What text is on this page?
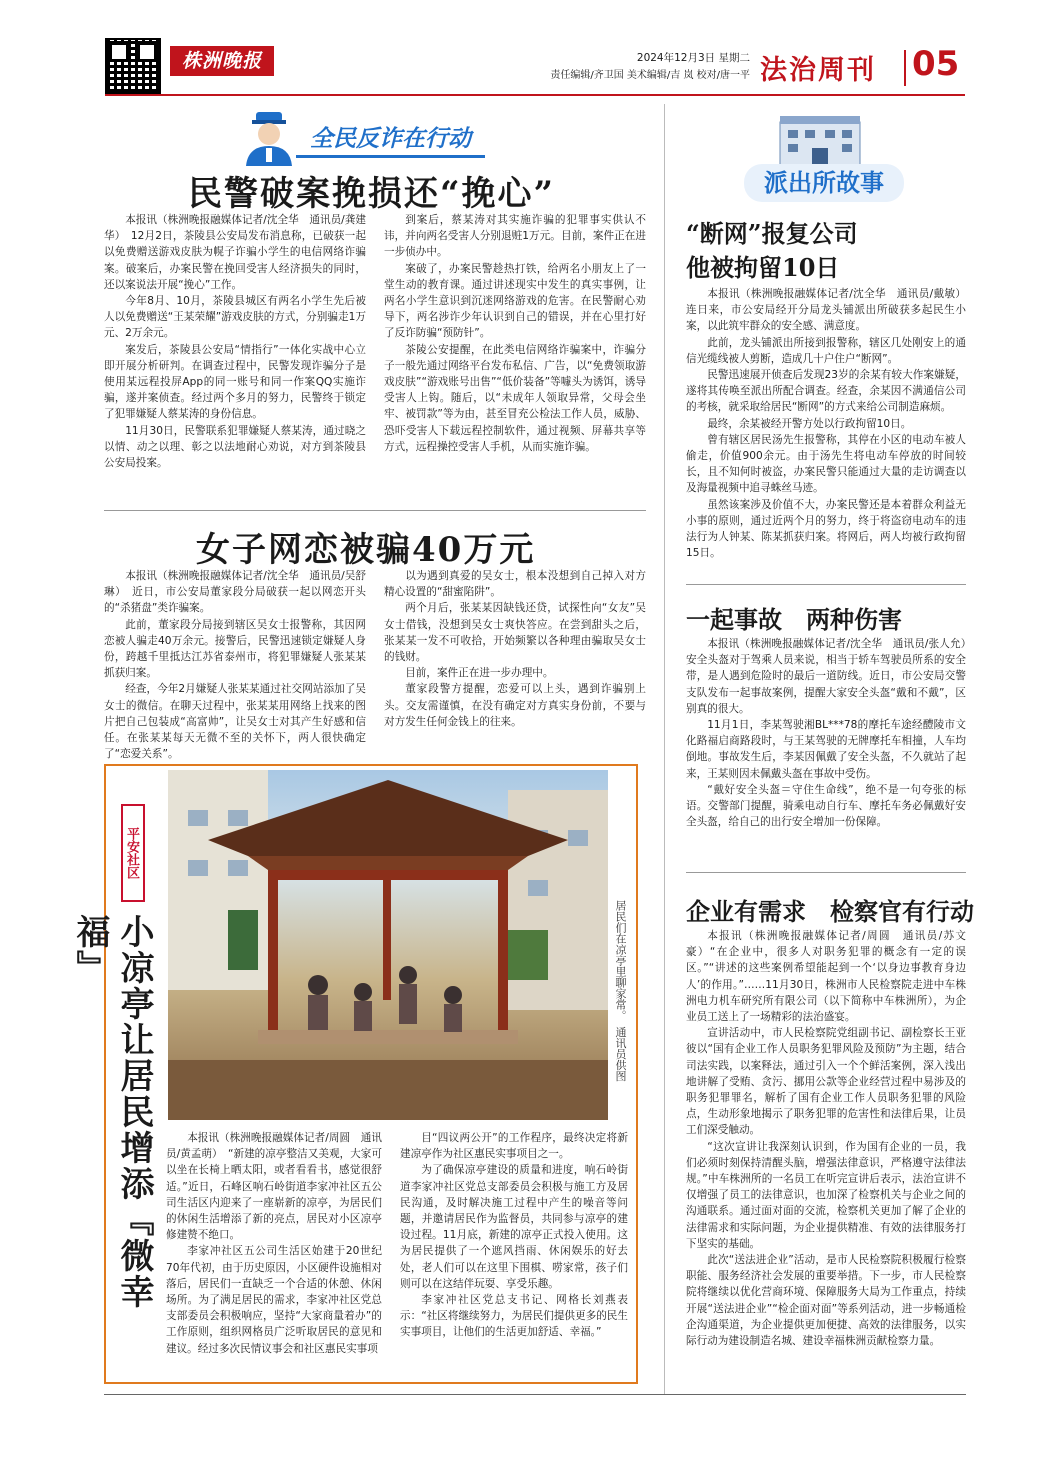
株洲晚报	2024年12月3日 星期二
责任编辑/齐卫国 美术编辑/吉 岚 校对/唐一平 法治周刊 05
全民反诈在行动
派出所故事
民警破案挽损还“挽心”

本报讯（株洲晚报融媒体记者/沈全华　通讯员/龚建华）　12月2日，茶陵县公安局发布消息称，已破获一起以免费赠送游戏皮肤为幌子诈骗小学生的电信网络诈骗案。破案后，办案民警在挽回受害人经济损失的同时，还以案说法开展“挽心”工作。

今年8月、10月，茶陵县城区有两名小学生先后被人以免费赠送“王某荣耀”游戏皮肤的方式，分别骗走1万元、2万余元。

案发后，茶陵县公安局“情指行”一体化实战中心立即开展分析研判。在调查过程中，民警发现诈骗分子是使用某远程投屏App的同一账号和同一作案QQ实施诈骗，遂并案侦查。经过两个多月的努力，民警终于锁定了犯罪嫌疑人蔡某涛的身份信息。

11月30日，民警联系犯罪嫌疑人蔡某涛，通过晓之以情、动之以理、彰之以法地耐心劝说，对方到茶陵县公安局投案。

到案后，蔡某涛对其实施诈骗的犯罪事实供认不讳，并向两名受害人分别退赃1万元。目前，案件正在进一步侦办中。

案破了，办案民警趁热打铁，给两名小朋友上了一堂生动的教育课。通过讲述现实中发生的真实事例，让两名小学生意识到沉迷网络游戏的危害。在民警耐心劝导下，两名涉诈少年认识到自己的错误，并在心里打好了反诈防骗“预防针”。

茶陵公安提醒，在此类电信网络诈骗案中，诈骗分子一般先通过网络平台发布私信、广告，以“免费领取游戏皮肤”“游戏账号出售”“低价装备”等噱头为诱饵，诱导受害人上钩。随后，以“未成年人领取异常，父母会坐牢、被罚款”等为由，甚至冒充公检法工作人员，威胁、恐吓受害人下载远程控制软件，通过视频、屏幕共享等方式，远程操控受害人手机，从而实施诈骗。

女子网恋被骗40万元

本报讯（株洲晚报融媒体记者/沈全华　通讯员/吴舒琳）　近日，市公安局董家段分局破获一起以网恋开头的“杀猪盘”类诈骗案。

此前，董家段分局接到辖区吴女士报警称，其因网恋被人骗走40万余元。接警后，民警迅速锁定嫌疑人身份，跨越千里抵达江苏省泰州市，将犯罪嫌疑人张某某抓获归案。

经查，今年2月嫌疑人张某某通过社交网站添加了吴女士的微信。在聊天过程中，张某某用网络上找来的图片把自己包装成“高富帅”，让吴女士对其产生好感和信任。在张某某每天无微不至的关怀下，两人很快确定了“恋爱关系”。

以为遇到真爱的吴女士，根本没想到自己掉入对方精心设置的“甜蜜陷阱”。

两个月后，张某某因缺钱还贷，试探性向“女友”吴女士借钱，没想到吴女士爽快答应。在尝到甜头之后，张某某一发不可收拾，开始频繁以各种理由骗取吴女士的钱财。

目前，案件正在进一步办理中。

董家段警方提醒，恋爱可以上头，遇到诈骗别上头。交友需谨慎，在没有确定对方真实身份前，不要与对方发生任何金钱上的往来。

平安社区
小凉亭让居民增添『微幸福』	居民们在凉亭里聊家常。　通讯员供图

本报讯（株洲晚报融媒体记者/周圆　通讯员/黄孟萌）　“新建的凉亭整洁又美观，大家可以坐在长椅上晒太阳，或者看看书，感觉很舒适。”近日，石峰区响石岭街道李家冲社区五公司生活区内迎来了一座崭新的凉亭，为居民们的休闲生活增添了新的亮点，居民对小区凉亭修建赞不绝口。

李家冲社区五公司生活区始建于20世纪70年代初，由于历史原因，小区硬件设施相对落后，居民们一直缺乏一个合适的休憩、休闲场所。为了满足居民的需求，李家冲社区党总支部委员会积极响应，坚持“大家商量着办”的工作原则，组织网格员广泛听取居民的意见和建议。经过多次民情议事会和社区惠民实事项

目“四议两公开”的工作程序，最终决定将新建凉亭作为社区惠民实事项目之一。

为了确保凉亭建设的质量和进度，响石岭街道李家冲社区党总支部委员会积极与施工方及居民沟通，及时解决施工过程中产生的噪音等问题，并邀请居民作为监督员，共同参与凉亭的建设过程。11月底，新建的凉亭正式投入使用。这为居民提供了一个遮风挡雨、休闲娱乐的好去处，老人们可以在这里下围棋、唠家常，孩子们则可以在这结伴玩耍、享受乐趣。

李家冲社区党总支书记、网格长刘燕表示：“社区将继续努力，为居民们提供更多的民生实事项目，让他们的生活更加舒适、幸福。”

“断网”报复公司
他被拘留10日

本报讯（株洲晚报融媒体记者/沈全华　通讯员/戴敏）连日来，市公安局经开分局龙头铺派出所破获多起民生小案，以此筑牢群众的安全感、满意度。

此前，龙头铺派出所接到报警称，辖区几处刚安上的通信光缆线被人剪断，造成几十户住户“断网”。

民警迅速展开侦查后发现23岁的余某有较大作案嫌疑，遂将其传唤至派出所配合调查。经查，余某因不满通信公司的考核，就采取给居民“断网”的方式来给公司制造麻烦。

最终，余某被经开警方处以行政拘留10日。

曾有辖区居民汤先生报警称，其停在小区的电动车被人偷走，价值900余元。由于汤先生将电动车停放的时间较长，且不知何时被盗，办案民警只能通过大量的走访调查以及海量视频中追寻蛛丝马迹。

虽然该案涉及价值不大，办案民警还是本着群众利益无小事的原则，通过近两个月的努力，终于将盗窃电动车的违法行为人钟某、陈某抓获归案。将网后，两人均被行政拘留15日。

一起事故　两种伤害

本报讯（株洲晚报融媒体记者/沈全华　通讯员/张人允）　安全头盔对于驾乘人员来说，相当于轿车驾驶员所系的安全带，是人遇到危险时的最后一道防线。近日，市公安局交警支队发布一起事故案例，提醒大家安全头盔“戴和不戴”，区别真的很大。

11月1日，李某驾驶湘BL***78的摩托车途经醴陵市文化路福启商路段时，与王某驾驶的无牌摩托车相撞，人车均倒地。事故发生后，李某因佩戴了安全头盔，不久就站了起来，王某则因未佩戴头盔在事故中受伤。

“戴好安全头盔＝守住生命线”，绝不是一句夸张的标语。交警部门提醒，骑乘电动自行车、摩托车务必佩戴好安全头盔，给自己的出行安全增加一份保障。

企业有需求　检察官有行动

本报讯（株洲晚报融媒体记者/周圆　通讯员/苏文豪）“在企业中，很多人对职务犯罪的概念有一定的误区。”“讲述的这些案例希望能起到一个‘以身边事教育身边人’的作用。”……11月30日，株洲市人民检察院走进中车株洲电力机车研究所有限公司（以下简称中车株洲所），为企业员工送上了一场精彩的法治盛宴。

宣讲活动中，市人民检察院党组副书记、副检察长王亚彼以“国有企业工作人员职务犯罪风险及预防”为主题，结合司法实践，以案释法，通过引入一个个鲜活案例，深入浅出地讲解了受贿、贪污、挪用公款等企业经营过程中易涉及的职务犯罪罪名，解析了国有企业工作人员职务犯罪的风险点，生动形象地揭示了职务犯罪的危害性和法律后果，让员工们深受触动。

“这次宣讲让我深刻认识到，作为国有企业的一员，我们必须时刻保持清醒头脑，增强法律意识，严格遵守法律法规。”中车株洲所的一名员工在听完宣讲后表示，法治宣讲不仅增强了员工的法律意识，也加深了检察机关与企业之间的沟通联系。通过面对面的交流，检察机关更加了解了企业的法律需求和实际问题，为企业提供精准、有效的法律服务打下坚实的基础。

此次“送法进企业”活动，是市人民检察院积极履行检察职能、服务经济社会发展的重要举措。下一步，市人民检察院将继续以优化营商环境、保障服务大局为工作重点，持续开展“送法进企业”“检企面对面”等系列活动，进一步畅通检企沟通渠道，为企业提供更加便捷、高效的法律服务，以实际行动为建设制造名城、建设幸福株洲贡献检察力量。
